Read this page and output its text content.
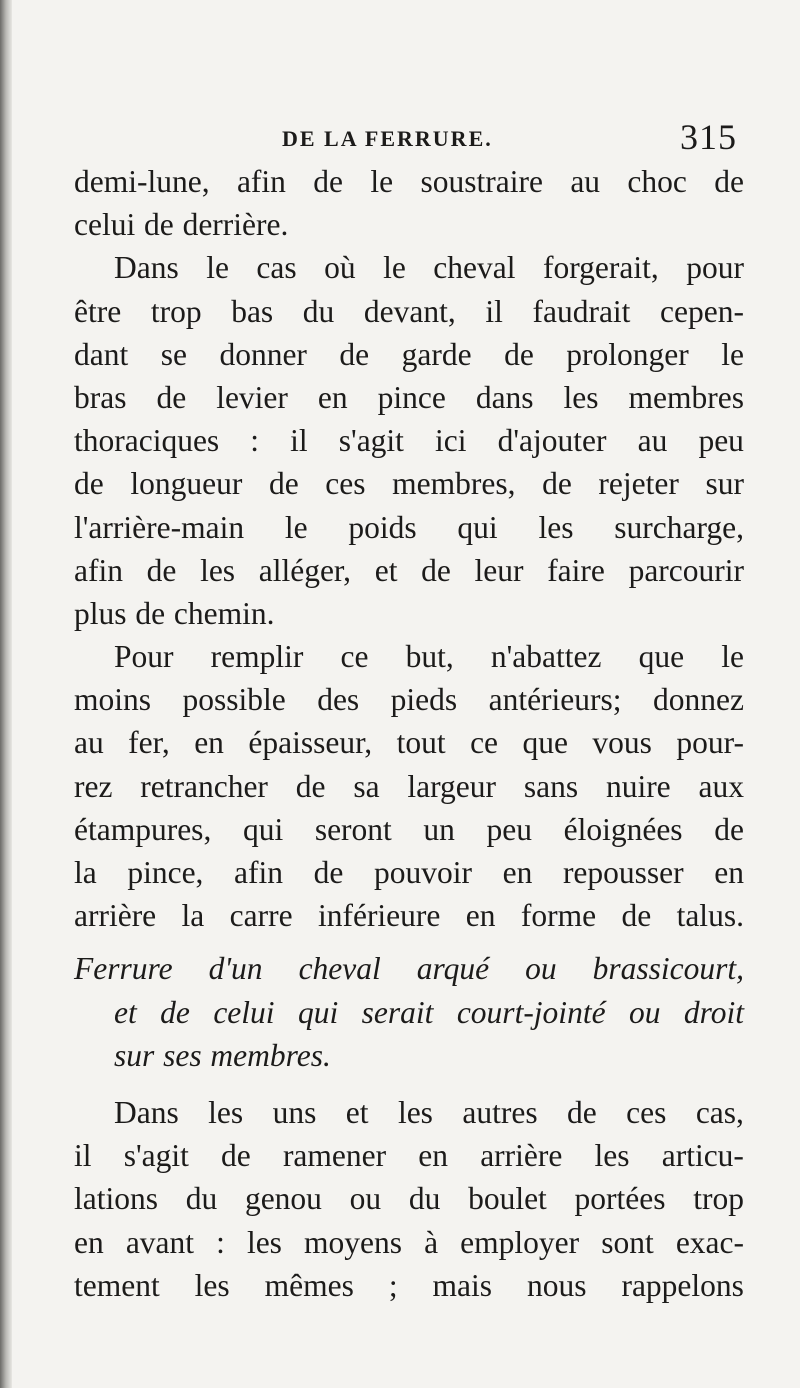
DE LA FERRURE.	315
demi-lune, afin de le soustraire au choc de
celui de derrière.
Dans le cas où le cheval forgerait, pour
être trop bas du devant, il faudrait cepen-
dant se donner de garde de prolonger le
bras de levier en pince dans les membres
thoraciques : il s'agit ici d'ajouter au peu
de longueur de ces membres, de rejeter sur
l'arrière-main le poids qui les surcharge,
afin de les alléger, et de leur faire parcourir
plus de chemin.
Pour remplir ce but, n'abattez que le
moins possible des pieds antérieurs; donnez
au fer, en épaisseur, tout ce que vous pour-
rez retrancher de sa largeur sans nuire aux
étampures, qui seront un peu éloignées de
la pince, afin de pouvoir en repousser en
arrière la carre inférieure en forme de talus.
Ferrure d'un cheval arqué ou brassicourt,
et de celui qui serait court-jointé ou droit
sur ses membres.
Dans les uns et les autres de ces cas,
il s'agit de ramener en arrière les articu-
lations du genou ou du boulet portées trop
en avant : les moyens à employer sont exac-
tement les mêmes ; mais nous rappelons
